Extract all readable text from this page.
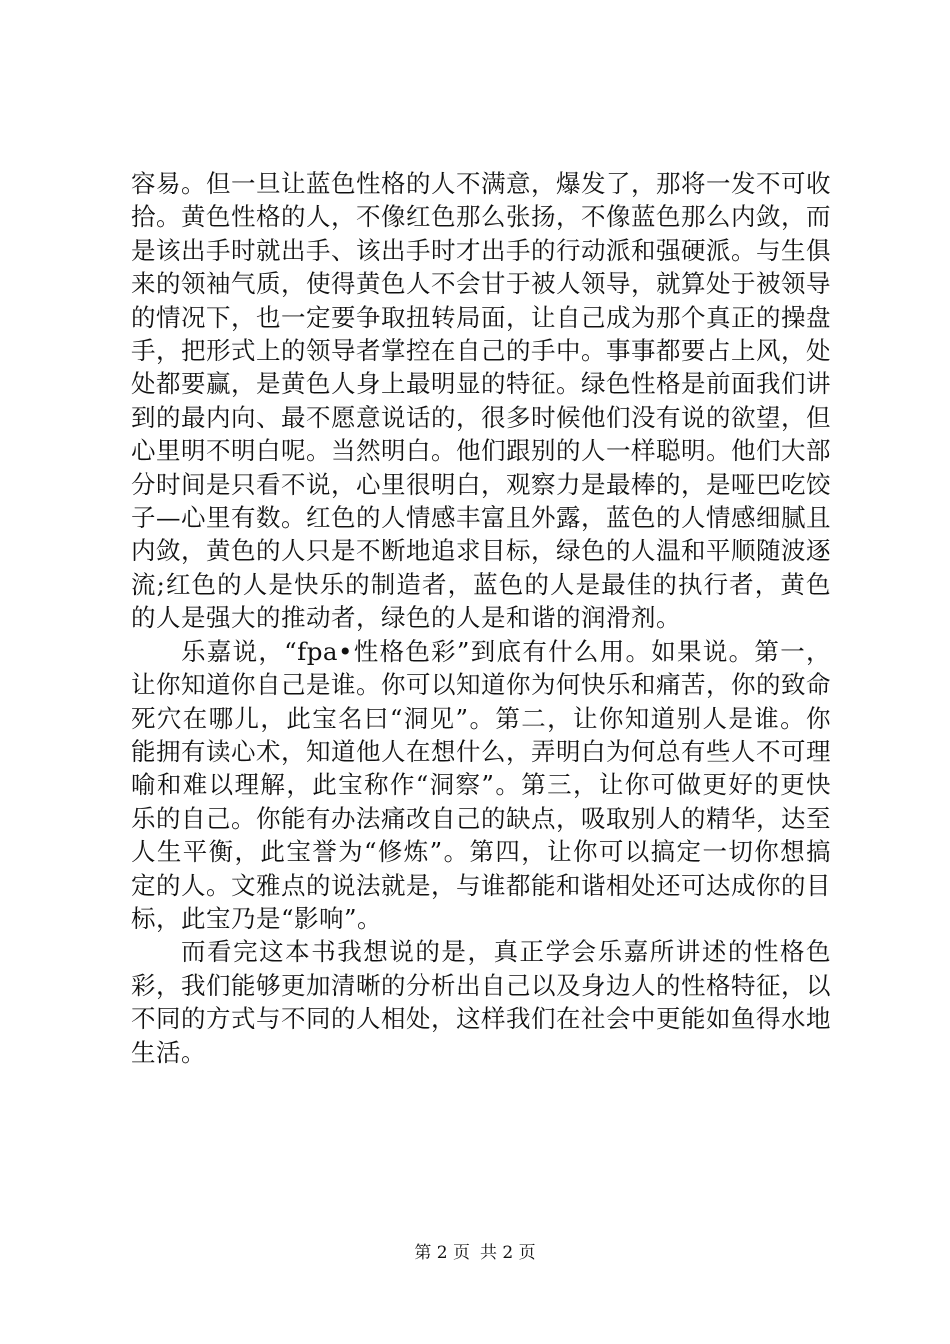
容易。但一旦让蓝色性格的人不满意，爆发了，那将一发不可收拾。黄色性格的人，不像红色那么张扬，不像蓝色那么内敛，而是该出手时就出手、该出手时才出手的行动派和强硬派。与生俱来的领袖气质，使得黄色人不会甘于被人领导，就算处于被领导的情况下，也一定要争取扭转局面，让自己成为那个真正的操盘手，把形式上的领导者掌控在自己的手中。事事都要占上风，处处都要赢，是黄色人身上最明显的特征。绿色性格是前面我们讲到的最内向、最不愿意说话的，很多时候他们没有说的欲望，但心里明不明白呢。当然明白。他们跟别的人一样聪明。他们大部分时间是只看不说，心里很明白，观察力是最棒的，是哑巴吃饺子—心里有数。红色的人情感丰富且外露，蓝色的人情感细腻且内敛，黄色的人只是不断地追求目标，绿色的人温和平顺随波逐流;红色的人是快乐的制造者，蓝色的人是最佳的执行者，黄色的人是强大的推动者，绿色的人是和谐的润滑剂。

乐嘉说，“fpa•性格色彩”到底有什么用。如果说。第一，让你知道你自己是谁。你可以知道你为何快乐和痛苦，你的致命死穴在哪儿，此宝名曰“洞见”。第二，让你知道别人是谁。你能拥有读心术，知道他人在想什么，弄明白为何总有些人不可理喻和难以理解，此宝称作“洞察”。第三，让你可做更好的更快乐的自己。你能有办法痛改自己的缺点，吸取别人的精华，达至人生平衡，此宝誉为“修炼”。第四，让你可以搞定一切你想搞定的人。文雅点的说法就是，与谁都能和谐相处还可达成你的目标，此宝乃是“影响”。

而看完这本书我想说的是，真正学会乐嘉所讲述的性格色彩，我们能够更加清晰的分析出自己以及身边人的性格特征，以不同的方式与不同的人相处，这样我们在社会中更能如鱼得水地生活。

第 2 页 共 2 页
